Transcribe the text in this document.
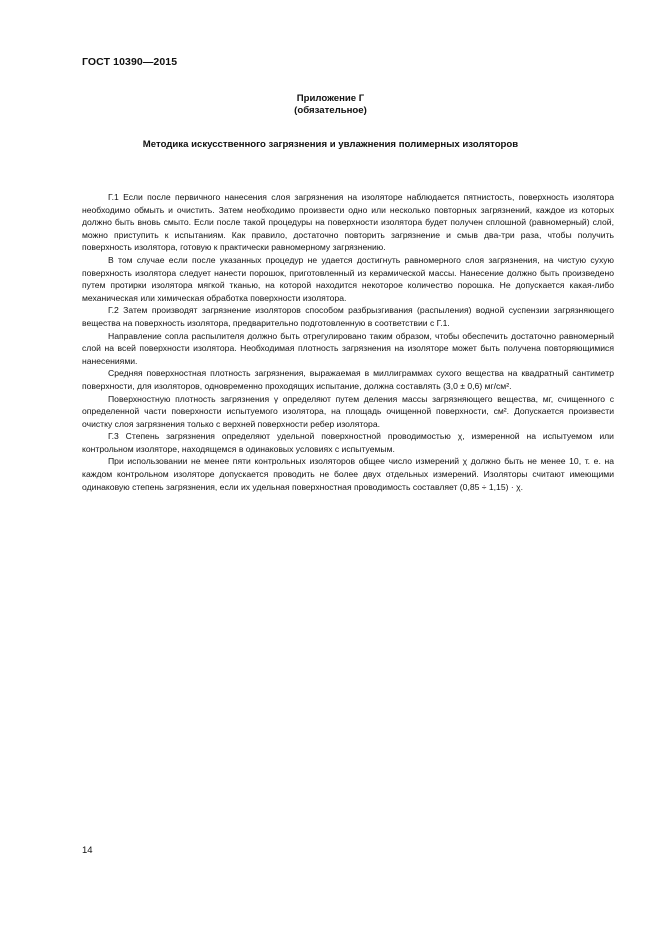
ГОСТ 10390—2015
Приложение Г
(обязательное)
Методика искусственного загрязнения и увлажнения полимерных изоляторов

Г.1 Если после первичного нанесения слоя загрязнения на изоляторе наблюдается пятнистость, поверхность изолятора необходимо обмыть и очистить. Затем необходимо произвести одно или несколько повторных загрязнений, каждое из которых должно быть вновь смыто. Если после такой процедуры на поверхности изолятора будет получен сплошной (равномерный) слой, можно приступить к испытаниям. Как правило, достаточно повторить загрязнение и смыв два-три раза, чтобы получить поверхность изолятора, готовую к практически равномерному загрязнению.

В том случае если после указанных процедур не удается достигнуть равномерного слоя загрязнения, на чистую сухую поверхность изолятора следует нанести порошок, приготовленный из керамической массы. Нанесение должно быть произведено путем протирки изолятора мягкой тканью, на которой находится некоторое количество порошка. Не допускается какая-либо механическая или химическая обработка поверхности изолятора.

Г.2 Затем производят загрязнение изоляторов способом разбрызгивания (распыления) водной суспензии загрязняющего вещества на поверхность изолятора, предварительно подготовленную в соответствии с Г.1.

Направление сопла распылителя должно быть отрегулировано таким образом, чтобы обеспечить достаточно равномерный слой на всей поверхности изолятора. Необходимая плотность загрязнения на изоляторе может быть получена повторяющимися нанесениями.

Средняя поверхностная плотность загрязнения, выражаемая в миллиграммах сухого вещества на квадратный сантиметр поверхности, для изоляторов, одновременно проходящих испытание, должна составлять (3,0 ± 0,6) мг/см².

Поверхностную плотность загрязнения γ определяют путем деления массы загрязняющего вещества, мг, счищенного с определенной части поверхности испытуемого изолятора, на площадь очищенной поверхности, см². Допускается произвести очистку слоя загрязнения только с верхней поверхности ребер изолятора.

Г.3 Степень загрязнения определяют удельной поверхностной проводимостью χ, измеренной на испытуемом или контрольном изоляторе, находящемся в одинаковых условиях с испытуемым.

При использовании не менее пяти контрольных изоляторов общее число измерений χ должно быть не менее 10, т. е. на каждом контрольном изоляторе допускается проводить не более двух отдельных измерений. Изоляторы считают имеющими одинаковую степень загрязнения, если их удельная поверхностная проводимость составляет (0,85 ÷ 1,15) · χ.

14
